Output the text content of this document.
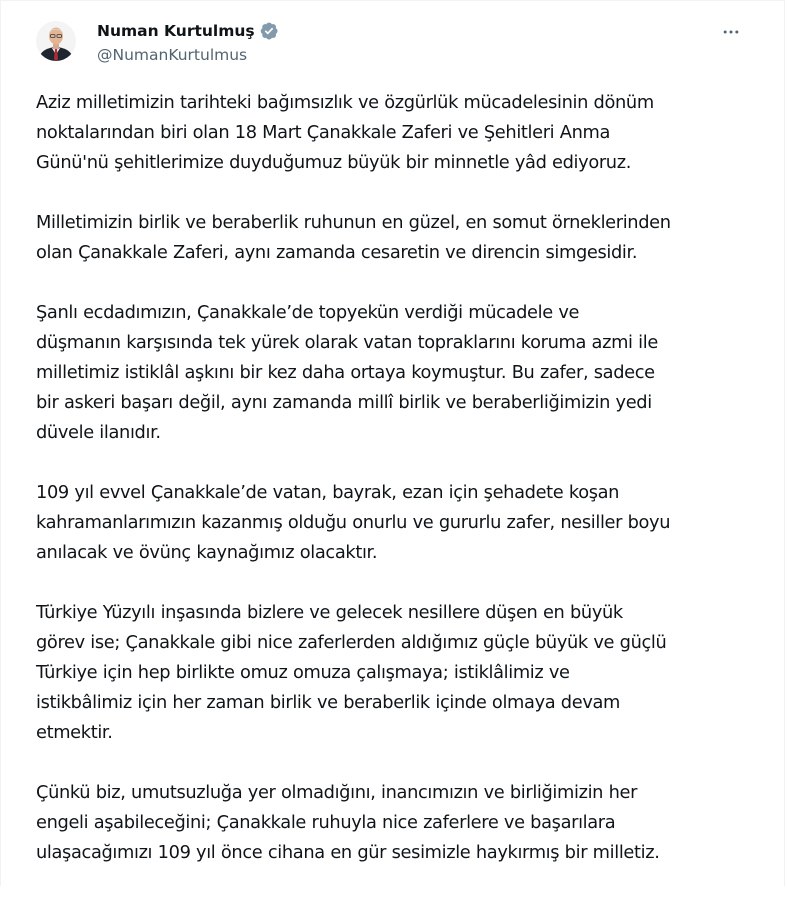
Numan Kurtulmuş
@NumanKurtulmus

Aziz milletimizin tarihteki bağımsızlık ve özgürlük mücadelesinin dönüm
noktalarından biri olan 18 Mart Çanakkale Zaferi ve Şehitleri Anma
Günü'nü şehitlerimize duyduğumuz büyük bir minnetle yâd ediyoruz.

Milletimizin birlik ve beraberlik ruhunun en güzel, en somut örneklerinden
olan Çanakkale Zaferi, aynı zamanda cesaretin ve direncin simgesidir.

Şanlı ecdadımızın, Çanakkale’de topyekün verdiği mücadele ve
düşmanın karşısında tek yürek olarak vatan topraklarını koruma azmi ile
milletimiz istiklâl aşkını bir kez daha ortaya koymuştur. Bu zafer, sadece
bir askeri başarı değil, aynı zamanda millî birlik ve beraberliğimizin yedi
düvele ilanıdır.

109 yıl evvel Çanakkale’de vatan, bayrak, ezan için şehadete koşan
kahramanlarımızın kazanmış olduğu onurlu ve gururlu zafer, nesiller boyu
anılacak ve övünç kaynağımız olacaktır.

Türkiye Yüzyılı inşasında bizlere ve gelecek nesillere düşen en büyük
görev ise; Çanakkale gibi nice zaferlerden aldığımız güçle büyük ve güçlü
Türkiye için hep birlikte omuz omuza çalışmaya; istiklâlimiz ve
istikbâlimiz için her zaman birlik ve beraberlik içinde olmaya devam
etmektir.

Çünkü biz, umutsuzluğa yer olmadığını, inancımızın ve birliğimizin her
engeli aşabileceğini; Çanakkale ruhuyla nice zaferlere ve başarılara
ulaşacağımızı 109 yıl önce cihana en gür sesimizle haykırmış bir milletiz.
